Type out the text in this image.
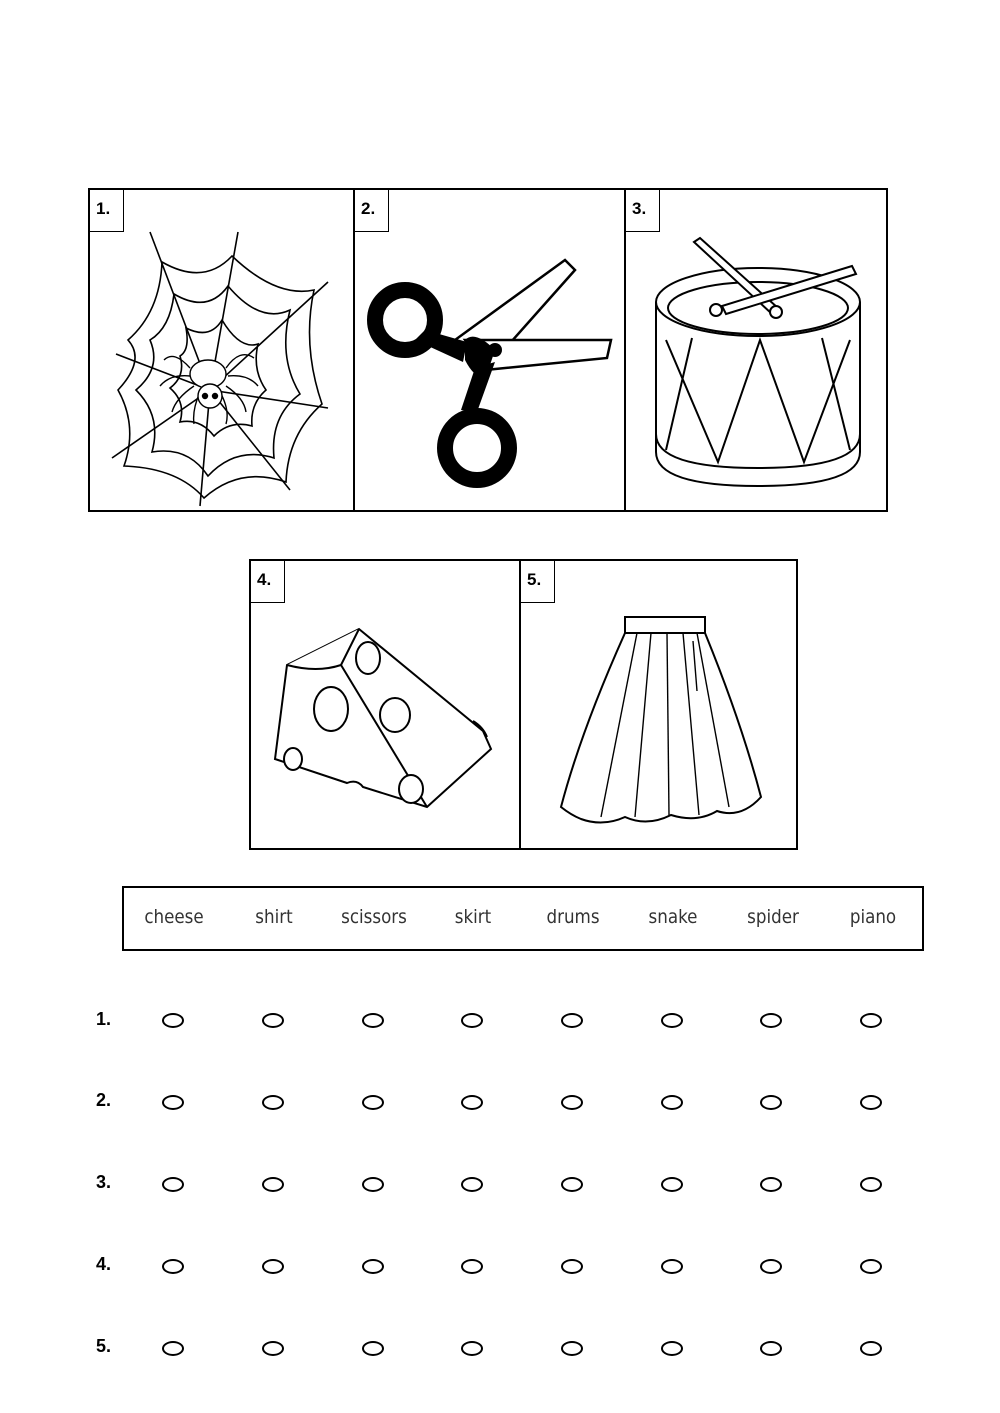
1.	2.	3.
4.	5.
cheese	shirt	scissors	skirt	drums	snake	spider	piano
1.
2.
3.
4.
5.
